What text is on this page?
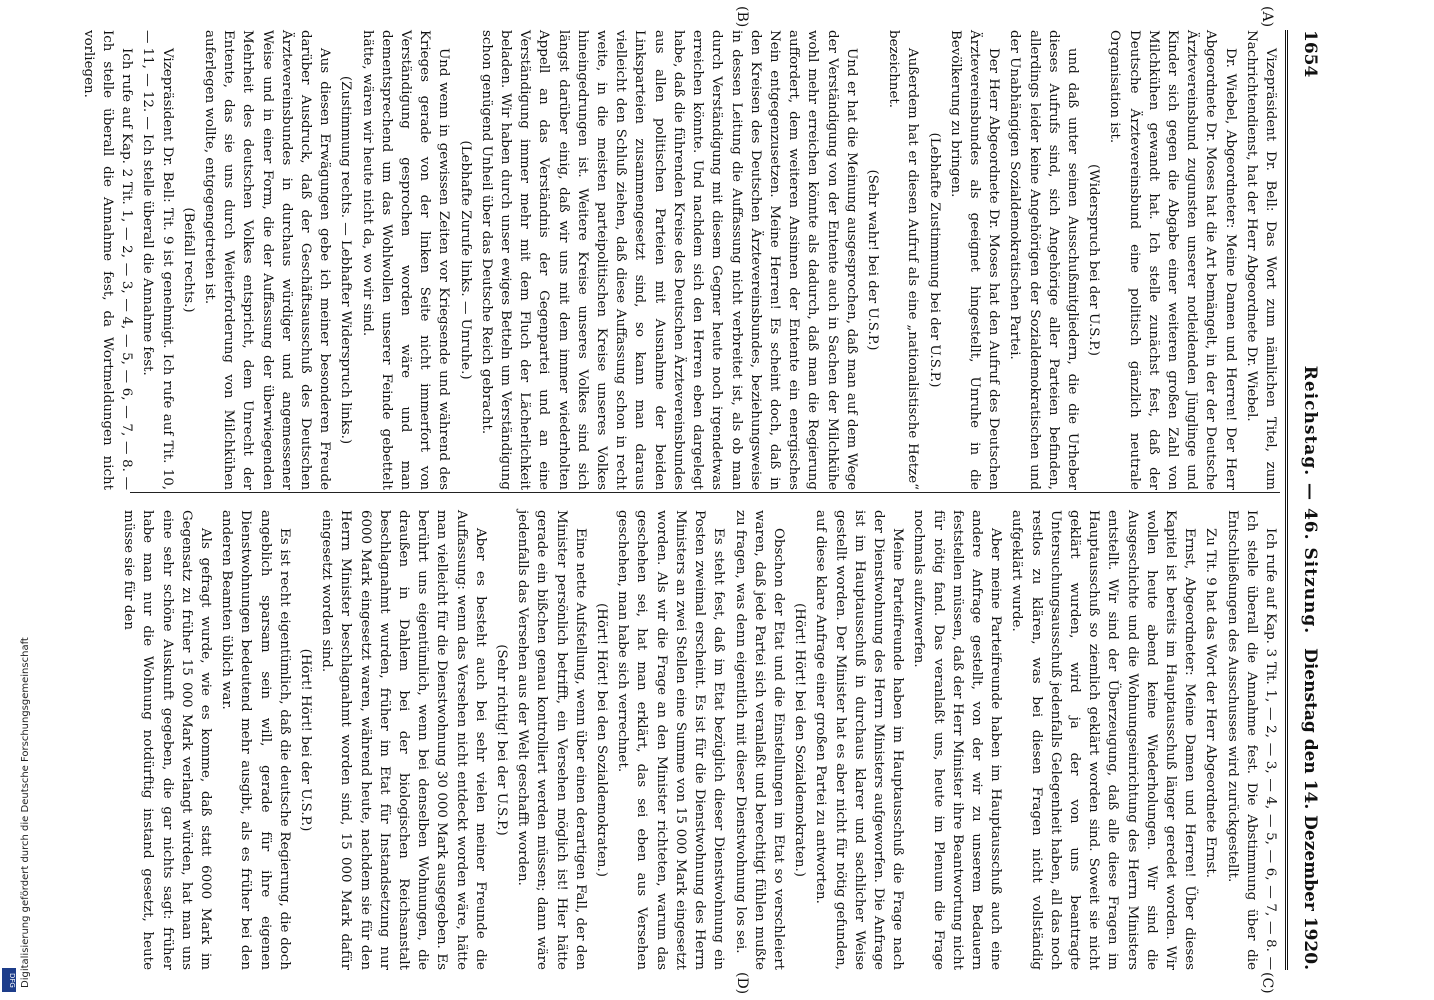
DFG Digitalisierung gefördert durch die Deutsche Forschungsgemeinschaft
1654
Reichstag. — 46. Sitzung.
Dienstag den 14. Dezember 1920.
(A)
(B)
(C)
(D)

Vizepräsident Dr. Bell: Das Wort zum nämlichen Titel, zum Nachrichtendienst, hat der Herr Abgeordnete Dr. Wiebel.

Dr. Wiebel, Abgeordneter: Meine Damen und Herren! Der Herr Abgeordnete Dr. Moses hat die Art bemängelt, in der der Deutsche Ärztevereinsbund zugunsten unserer notleidenden Jünglinge und Kinder sich gegen die Abgabe einer weiteren großen Zahl von Milchkühen gewandt hat. Ich stelle zunächst fest, daß der Deutsche Ärztevereinsbund eine politisch gänzlich neutrale Organisation ist.

(Widerspruch bei der U.S.P.)

und daß unter seinen Ausschußmitgliedern, die die Urheber dieses Aufrufs sind, sich Angehörige aller Parteien befinden, allerdings leider keine Angehörigen der Sozialdemokratischen und der Unabhängigen Sozialdemokratischen Partei.

Der Herr Abgeordnete Dr. Moses hat den Aufruf des Deutschen Ärztevereinsbundes als geeignet hingestellt, Unruhe in die Bevölkerung zu bringen.

(Lebhafte Zustimmung bei der U.S.P.)

Außerdem hat er diesen Aufruf als eine „nationalistische Hetze“ bezeichnet.

(Sehr wahr! bei der U.S.P.)

Und er hat die Meinung ausgesprochen, daß man auf dem Wege der Verständigung von der Entente auch in Sachen der Milchkühe wohl mehr erreichen könnte als dadurch, daß man die Regierung auffordert, dem weiteren Ansinnen der Entente ein energisches Nein entgegenzusetzen. Meine Herren! Es scheint doch, daß in den Kreisen des Deutschen Ärztevereinsbundes, beziehungsweise in dessen Leitung die Auffassung nicht verbreitet ist, als ob man durch Verständigung mit diesem Gegner heute noch irgendetwas erreichen könnte. Und nachdem sich den Herren eben dargelegt habe, daß die führenden Kreise des Deutschen Ärztevereinsbundes aus allen politischen Parteien mit Ausnahme der beiden Linksparteien zusammengesetzt sind, so kann man daraus vielleicht den Schluß ziehen, daß diese Auffassung schon in recht weite, in die meisten parteipolitischen Kreise unseres Volkes hineingedrungen ist. Weitere Kreise unseres Volkes sind sich längst darüber einig, daß wir uns mit dem immer wiederholten Appell an das Verständnis der Gegenpartei und an eine Verständigung immer mehr mit dem Fluch der Lächerlichkeit beladen. Wir haben durch unser ewiges Betteln um Verständigung schon genügend Unheil über das Deutsche Reich gebracht.

(Lebhafte Zurufe links. — Unruhe.)

Und wenn in gewissen Zeiten vor Kriegsende und während des Krieges gerade von der linken Seite nicht immerfort von Verständigung gesprochen worden wäre und man dementsprechend um das Wohlwollen unserer Feinde gebettelt hätte, wären wir heute nicht da, wo wir sind.

(Zustimmung rechts. — Lebhafter Widerspruch links.)

Aus diesen Erwägungen gebe ich meiner besonderen Freude darüber Ausdruck, daß der Geschäftsausschuß des Deutschen Ärztevereinsbundes in durchaus würdiger und angemessener Weise und in einer Form, die der Auffassung der überwiegenden Mehrheit des deutschen Volkes entspricht, dem Unrecht der Entente, das sie uns durch Weiterforderung von Milchkühen auferlegen wollte, entgegengetreten ist.

(Beifall rechts.)

Vizepräsident Dr. Bell: Tit. 9 ist genehmigt. Ich rufe auf Tit. 10, — 11, — 12. — Ich stelle überall die Annahme fest.

Ich rufe auf Kap. 2 Tit. 1, — 2, — 3, — 4, — 5, — 6, — 7, — 8. — Ich stelle überall die Annahme fest, da Wortmeldungen nicht vorliegen.

Ich rufe auf Kap. 3 Tit. 1, — 2, — 3, — 4, — 5, — 6, — 7, — 8. — Ich stelle überall die Annahme fest. Die Abstimmung über die Entschließungen des Ausschusses wird zurückgestellt.

Zu Tit. 9 hat das Wort der Herr Abgeordnete Ernst.

Ernst, Abgeordneter: Meine Damen und Herren! Über dieses Kapitel ist bereits im Hauptausschuß länger geredet worden. Wir wollen heute abend keine Wiederholungen. Wir sind die Ausgeschichte und die Wohnungseinrichtung des Herrn Ministers entstellt. Wir sind der Überzeugung, daß alle diese Fragen im Hauptausschuß so ziemlich geklärt worden sind. Soweit sie nicht geklärt wurden, wird ja der von uns beantragte Untersuchungsausschuß jedenfalls Gelegenheit haben, all das noch restlos zu klären, was bei diesen Fragen nicht vollständig aufgeklärt wurde.

Aber meine Parteifreunde haben im Hauptausschuß auch eine andere Anfrage gestellt, von der wir zu unserem Bedauern feststellen müssen, daß der Herr Minister ihre Beantwortung nicht für nötig fand. Das veranlaßt uns, heute im Plenum die Frage nochmals aufzuwerfen.

Meine Parteifreunde haben im Hauptausschuß die Frage nach der Dienstwohnung des Herrn Ministers aufgeworfen. Die Anfrage ist im Hauptausschuß in durchaus klarer und sachlicher Weise gestellt worden. Der Minister hat es aber nicht für nötig gefunden, auf diese klare Anfrage einer großen Partei zu antworten.

(Hört! Hört! bei den Sozialdemokraten.)

Obschon der Etat und die Einstellungen im Etat so verschleiert waren, daß jede Partei sich veranlaßt und berechtigt fühlen mußte zu fragen, was denn eigentlich mit dieser Dienstwohnung los sei.

Es steht fest, daß im Etat bezüglich dieser Dienstwohnung ein Posten zweimal erscheint. Es ist für die Dienstwohnung des Herrn Ministers an zwei Stellen eine Summe von 15 000 Mark eingesetzt worden. Als wir die Frage an den Minister richteten, warum das geschehen sei, hat man erklärt, das sei eben aus Versehen geschehen, man habe sich verrechnet.

(Hört! Hört! bei den Sozialdemokraten.)

Eine nette Aufstellung, wenn über einen derartigen Fall, der den Minister persönlich betrifft, ein Versehen möglich ist! Hier hätte gerade ein bißchen genau kontrolliert werden müssen; dann wäre jedenfalls das Versehen aus der Welt geschafft worden.

(Sehr richtig! bei der U.S.P.)

Aber es besteht auch bei sehr vielen meiner Freunde die Auffassung: wenn das Versehen nicht entdeckt worden wäre, hätte man vielleicht für die Dienstwohnung 30 000 Mark ausgegeben. Es berührt uns eigentümlich, wenn bei denselben Wohnungen, die draußen in Dahlem bei der biologischen Reichsanstalt beschlagnahmt wurden, früher im Etat für Instandsetzung nur 6000 Mark eingesetzt waren, während heute, nachdem sie für den Herrn Minister beschlagnahmt worden sind, 15 000 Mark dafür eingesetzt worden sind.

(Hört! Hört! bei der U.S.P.)

Es ist recht eigentümlich, daß die deutsche Regierung, die doch angeblich sparsam sein will, gerade für ihre eigenen Dienstwohnungen bedeutend mehr ausgibt, als es früher bei den anderen Beamten üblich war.

Als gefragt wurde, wie es komme, daß statt 6000 Mark im Gegensatz zu früher 15 000 Mark verlangt würden, hat man uns eine sehr schöne Auskunft gegeben, die gar nichts sagt: früher habe man nur die Wohnung notdürftig instand gesetzt, heute müsse sie für den
